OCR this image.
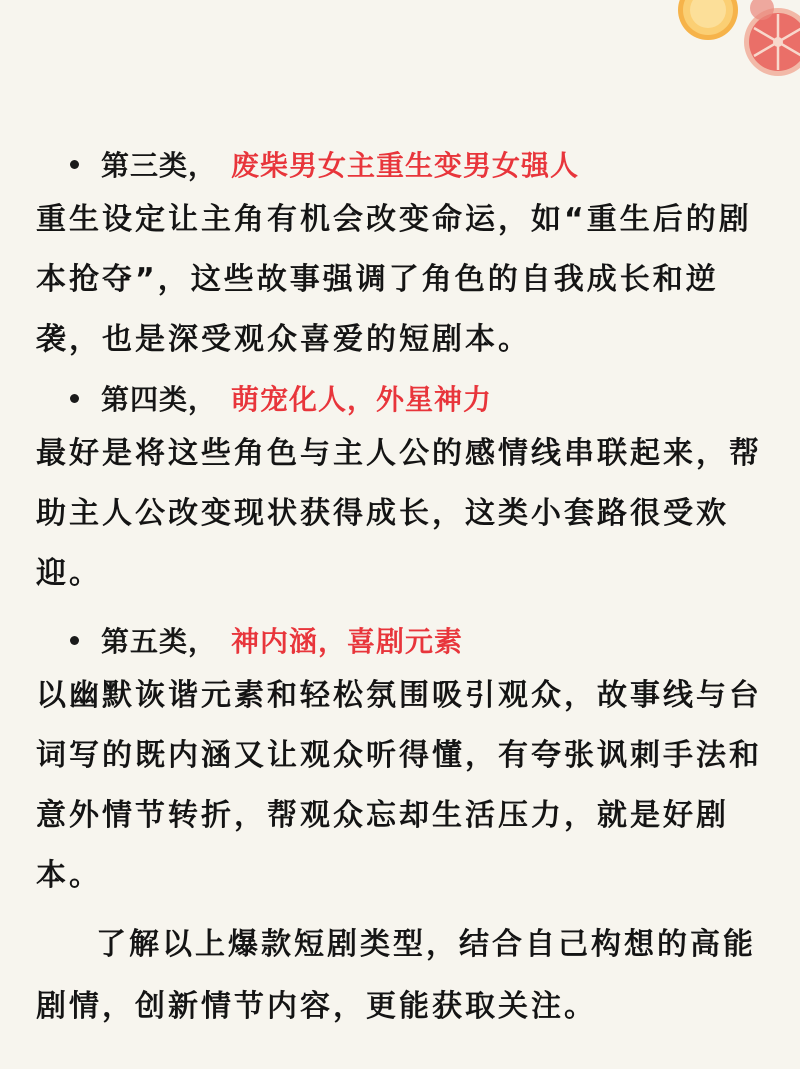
第三类， 废柴男女主重生变男女强人

重生设定让主角有机会改变命运，如“重生后的剧本抢夺”，这些故事强调了角色的自我成长和逆袭，也是深受观众喜爱的短剧本。

第四类， 萌宠化人，外星神力

最好是将这些角色与主人公的感情线串联起来，帮助主人公改变现状获得成长，这类小套路很受欢迎。

第五类， 神内涵，喜剧元素

以幽默诙谐元素和轻松氛围吸引观众，故事线与台词写的既内涵又让观众听得懂，有夸张讽刺手法和意外情节转折，帮观众忘却生活压力，就是好剧本。

了解以上爆款短剧类型，结合自己构想的高能剧情，创新情节内容，更能获取关注。
